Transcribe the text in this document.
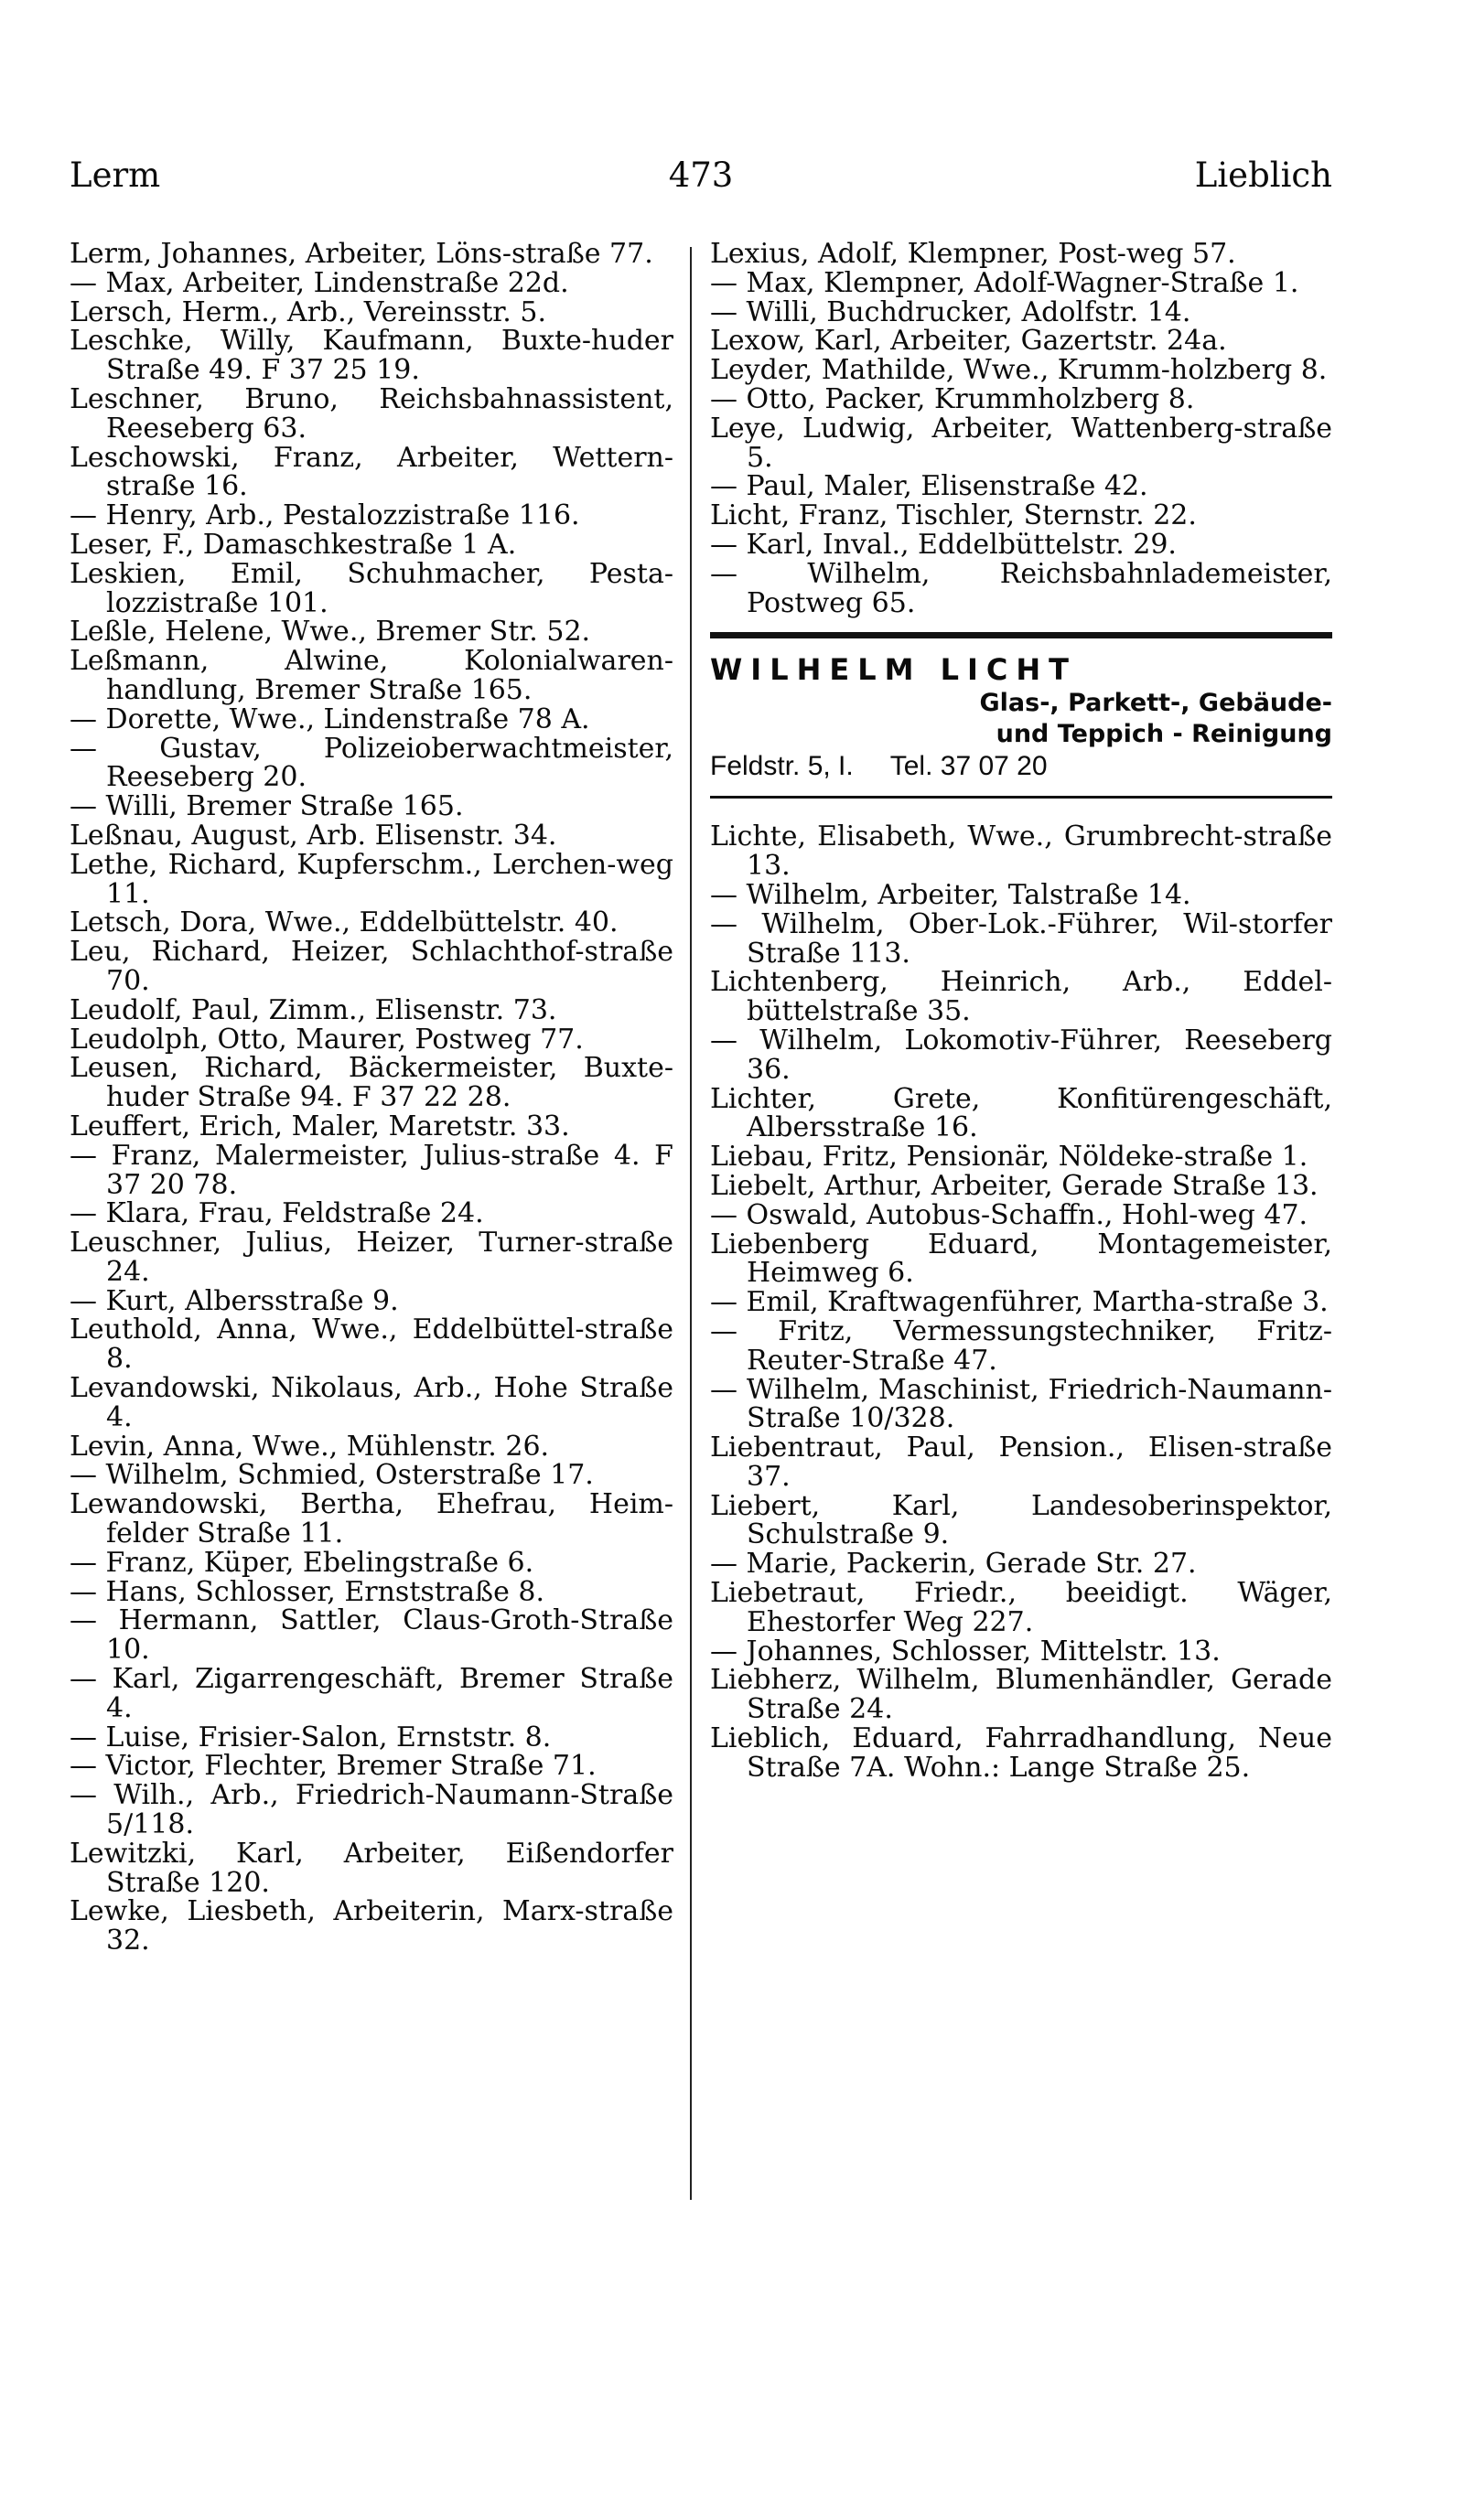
473
Lerm	Lieblich

Lerm, Johannes, Arbeiter, Löns-straße 77.

— Max, Arbeiter, Lindenstraße 22d.

Lersch, Herm., Arb., Vereinsstr. 5.

Leschke, Willy, Kaufmann, Buxte-huder Straße 49. F 37 25 19.

Leschner, Bruno, Reichsbahnassistent, Reeseberg 63.

Leschowski, Franz, Arbeiter, Wettern-straße 16.

— Henry, Arb., Pestalozzistraße 116.

Leser, F., Damaschkestraße 1 A.

Leskien, Emil, Schuhmacher, Pesta-lozzistraße 101.

Leßle, Helene, Wwe., Bremer Str. 52.

Leßmann, Alwine, Kolonialwaren-handlung, Bremer Straße 165.

— Dorette, Wwe., Lindenstraße 78 A.

— Gustav, Polizeioberwachtmeister, Reeseberg 20.

— Willi, Bremer Straße 165.

Leßnau, August, Arb. Elisenstr. 34.

Lethe, Richard, Kupferschm., Lerchen-weg 11.

Letsch, Dora, Wwe., Eddelbüttelstr. 40.

Leu, Richard, Heizer, Schlachthof-straße 70.

Leudolf, Paul, Zimm., Elisenstr. 73.

Leudolph, Otto, Maurer, Postweg 77.

Leusen, Richard, Bäckermeister, Buxte-huder Straße 94. F 37 22 28.

Leuffert, Erich, Maler, Maretstr. 33.

— Franz, Malermeister, Julius-straße 4. F 37 20 78.

— Klara, Frau, Feldstraße 24.

Leuschner, Julius, Heizer, Turner-straße 24.

— Kurt, Albersstraße 9.

Leuthold, Anna, Wwe., Eddelbüttel-straße 8.

Levandowski, Nikolaus, Arb., Hohe Straße 4.

Levin, Anna, Wwe., Mühlenstr. 26.

— Wilhelm, Schmied, Osterstraße 17.

Lewandowski, Bertha, Ehefrau, Heim-felder Straße 11.

— Franz, Küper, Ebelingstraße 6.

— Hans, Schlosser, Ernststraße 8.

— Hermann, Sattler, Claus-Groth-Straße 10.

— Karl, Zigarrengeschäft, Bremer Straße 4.

— Luise, Frisier-Salon, Ernststr. 8.

— Victor, Flechter, Bremer Straße 71.

— Wilh., Arb., Friedrich-Naumann-Straße 5/118.

Lewitzki, Karl, Arbeiter, Eißendorfer Straße 120.

Lewke, Liesbeth, Arbeiterin, Marx-straße 32.

Lexius, Adolf, Klempner, Post-weg 57.

— Max, Klempner, Adolf-Wagner-Straße 1.

— Willi, Buchdrucker, Adolfstr. 14.

Lexow, Karl, Arbeiter, Gazertstr. 24a.

Leyder, Mathilde, Wwe., Krumm-holzberg 8.

— Otto, Packer, Krummholzberg 8.

Leye, Ludwig, Arbeiter, Wattenberg-straße 5.

— Paul, Maler, Elisenstraße 42.

Licht, Franz, Tischler, Sternstr. 22.

— Karl, Inval., Eddelbüttelstr. 29.

— Wilhelm, Reichsbahnlademeister, Postweg 65.

WILHELM LICHT
Glas-, Parkett-, Gebäude-
und Teppich - Reinigung
Feldstr. 5, I. Tel. 37 07 20

Lichte, Elisabeth, Wwe., Grumbrecht-straße 13.

— Wilhelm, Arbeiter, Talstraße 14.

— Wilhelm, Ober-Lok.-Führer, Wil-storfer Straße 113.

Lichtenberg, Heinrich, Arb., Eddel-büttelstraße 35.

— Wilhelm, Lokomotiv-Führer, Reeseberg 36.

Lichter, Grete, Konfitürengeschäft, Albersstraße 16.

Liebau, Fritz, Pensionär, Nöldeke-straße 1.

Liebelt, Arthur, Arbeiter, Gerade Straße 13.

— Oswald, Autobus-Schaffn., Hohl-weg 47.

Liebenberg Eduard, Montagemeister, Heimweg 6.

— Emil, Kraftwagenführer, Martha-straße 3.

— Fritz, Vermessungstechniker, Fritz-Reuter-Straße 47.

— Wilhelm, Maschinist, Friedrich-Naumann-Straße 10/328.

Liebentraut, Paul, Pension., Elisen-straße 37.

Liebert, Karl, Landesoberinspektor, Schulstraße 9.

— Marie, Packerin, Gerade Str. 27.

Liebetraut, Friedr., beeidigt. Wäger, Ehestorfer Weg 227.

— Johannes, Schlosser, Mittelstr. 13.

Liebherz, Wilhelm, Blumenhändler, Gerade Straße 24.

Lieblich, Eduard, Fahrradhandlung, Neue Straße 7A. Wohn.: Lange Straße 25.
